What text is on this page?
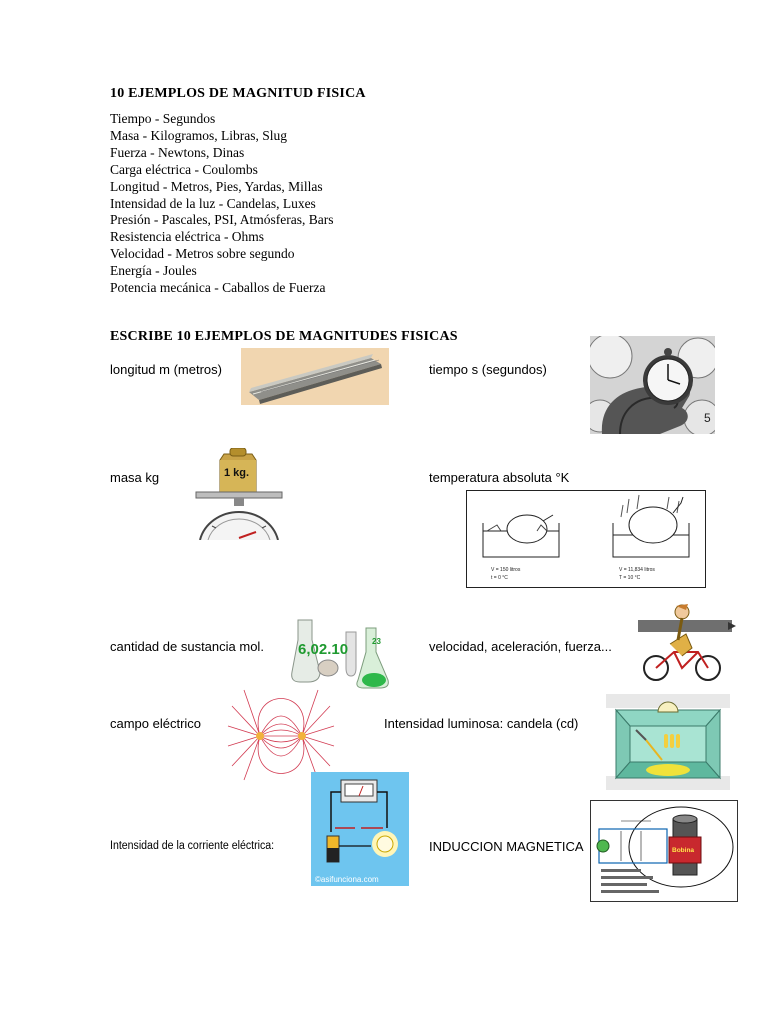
10 EJEMPLOS DE MAGNITUD FISICA
Tiempo - Segundos
Masa - Kilogramos, Libras, Slug
Fuerza - Newtons, Dinas
Carga eléctrica - Coulombs
Longitud - Metros, Pies, Yardas, Millas
Intensidad de la luz - Candelas, Luxes
Presión - Pascales, PSI, Atmósferas, Bars
Resistencia eléctrica - Ohms
Velocidad - Metros sobre segundo
Energía - Joules
Potencia mecánica - Caballos de Fuerza
ESCRIBE 10 EJEMPLOS DE MAGNITUDES FISICAS
longitud m (metros)	tiempo s (segundos)
masa kg	temperatura absoluta °K
cantidad de sustancia mol.	velocidad, aceleración, fuerza...
campo eléctrico	Intensidad luminosa: candela (cd)
Intensidad de la corriente eléctrica:	INDUCCION MAGNETICA
5
1 kg.
V = 150 litros
t = 0 °C
V = 11,834 litros
T = 10 °C
6,02.10	23
©asifunciona.com
Bobina
